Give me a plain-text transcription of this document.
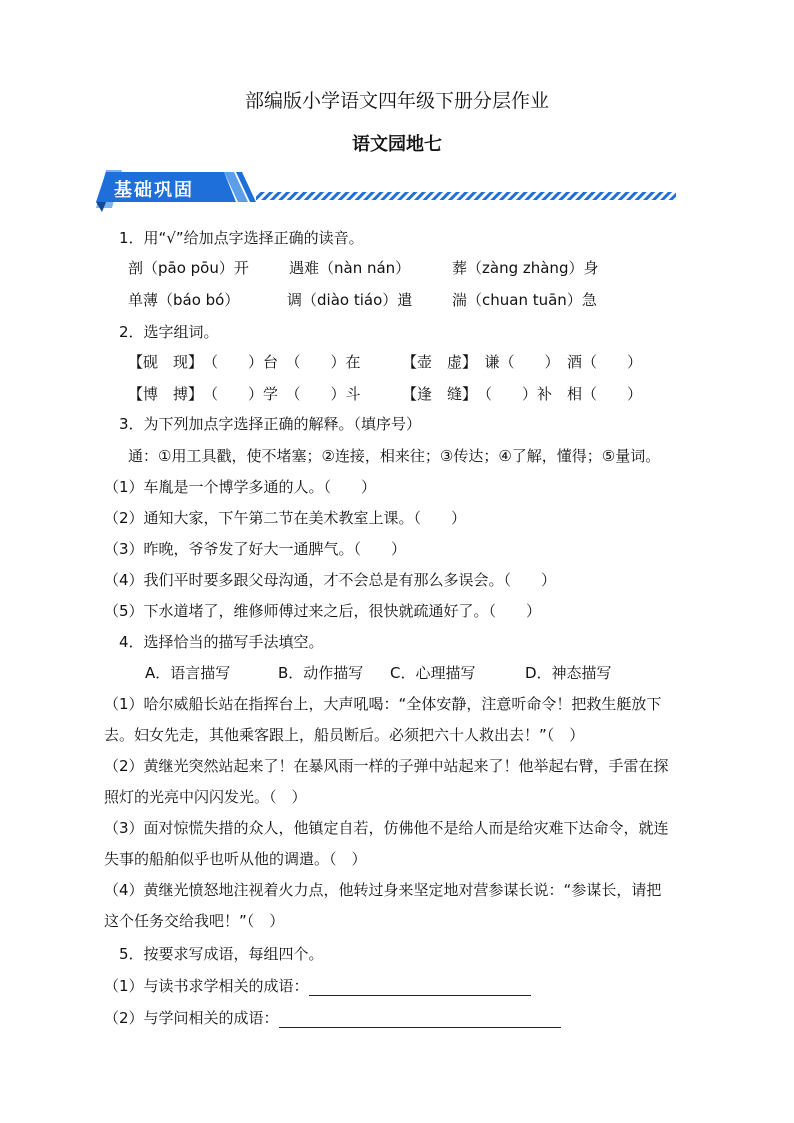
部编版小学语文四年级下册分层作业
语文园地七
基础巩固
1．用“√”给加点字选择正确的读音。
剖（pāo pōu）开	遇难（nàn nán）	葬（zàng zhàng）身
单薄（báo bó）	调（diào tiáo）遣	湍（chuan tuān）急
2．选字组词。
【砚　现】　（　　）台　（　　）在	【壶　虚】　谦（　　）　酒（　　）
【博　搏】　（　　）学　（　　）斗	【逢　缝】　（　　）补　相（　　）
3．为下列加点字选择正确的解释。（填序号）
通：①用工具戳，使不堵塞；②连接，相来往；③传达；④了解，懂得；⑤量词。
（1）车胤是一个博学多通的人。（　　）
（2）通知大家，下午第二节在美术教室上课。（　　）
（3）昨晚，爷爷发了好大一通脾气。（　　）
（4）我们平时要多跟父母沟通，才不会总是有那么多误会。（　　）
（5）下水道堵了，维修师傅过来之后，很快就疏通好了。（　　）
4．选择恰当的描写手法填空。
A．语言描写	B．动作描写 C．心理描写	D．神态描写
（1）哈尔威船长站在指挥台上，大声吼喝：“全体安静，注意听命令！把救生艇放下
去。妇女先走，其他乘客跟上，船员断后。必须把六十人救出去！”（　）
（2）黄继光突然站起来了！在暴风雨一样的子弹中站起来了！他举起右臂，手雷在探
照灯的光亮中闪闪发光。（　）
（3）面对惊慌失措的众人，他镇定自若，仿佛他不是给人而是给灾难下达命令，就连
失事的船舶似乎也听从他的调遣。（　）
（4）黄继光愤怒地注视着火力点，他转过身来坚定地对营参谋长说：“参谋长，请把
这个任务交给我吧！”（　）
5．按要求写成语，每组四个。
（1）与读书求学相关的成语：
（2）与学问相关的成语：
